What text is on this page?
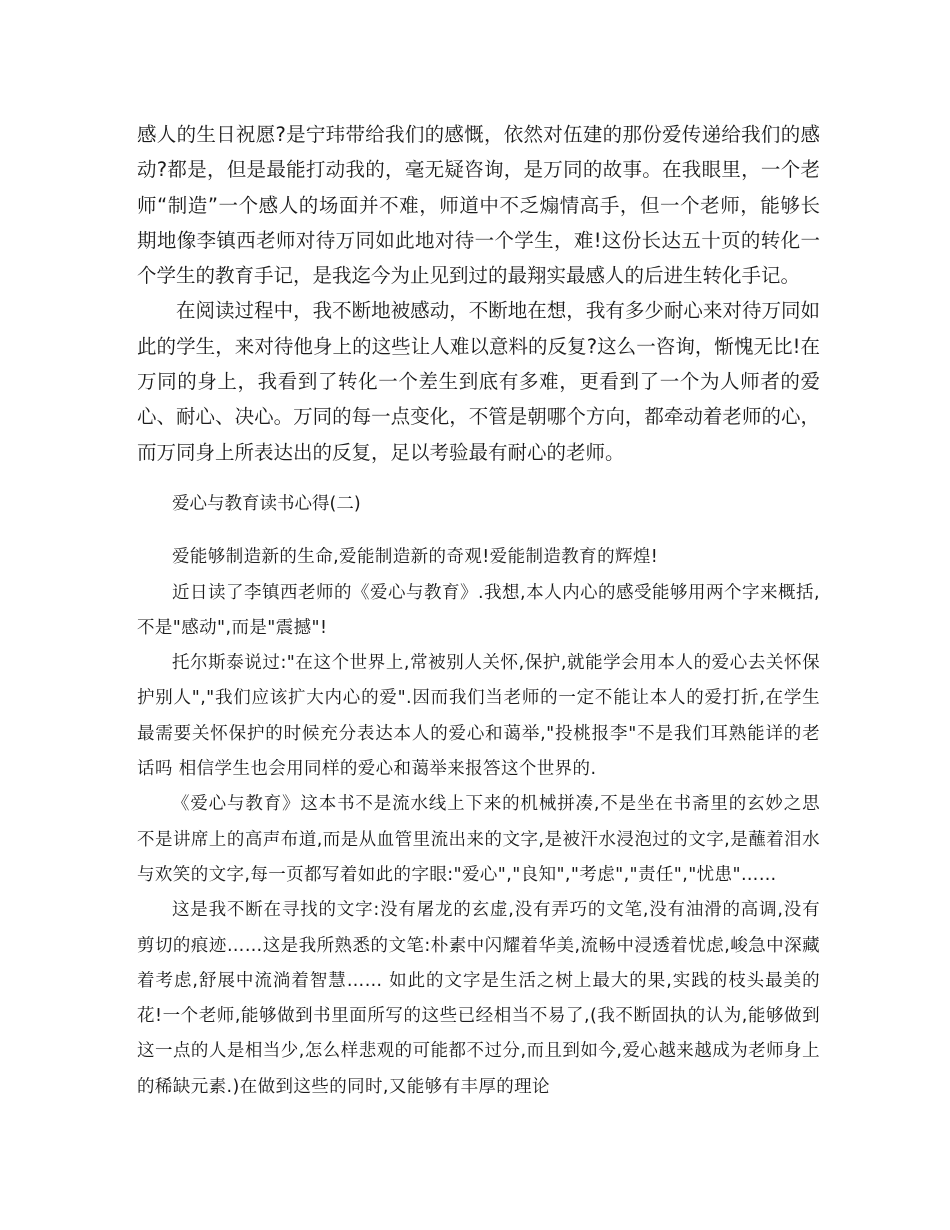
感人的生日祝愿?是宁玮带给我们的感慨，依然对伍建的那份爱传递给我们的感动?都是，但是最能打动我的，毫无疑咨询，是万同的故事。在我眼里，一个老师“制造”一个感人的场面并不难，师道中不乏煽情高手，但一个老师，能够长期地像李镇西老师对待万同如此地对待一个学生，难!这份长达五十页的转化一个学生的教育手记，是我迄今为止见到过的最翔实最感人的后进生转化手记。

在阅读过程中，我不断地被感动，不断地在想，我有多少耐心来对待万同如此的学生，来对待他身上的这些让人难以意料的反复?这么一咨询，惭愧无比!在万同的身上，我看到了转化一个差生到底有多难，更看到了一个为人师者的爱心、耐心、决心。万同的每一点变化，不管是朝哪个方向，都牵动着老师的心，而万同身上所表达出的反复，足以考验最有耐心的老师。

爱心与教育读书心得(二)

爱能够制造新的生命,爱能制造新的奇观!爱能制造教育的辉煌!

近日读了李镇西老师的《爱心与教育》.我想,本人内心的感受能够用两个字来概括,不是"感动",而是"震撼"!

托尔斯泰说过:"在这个世界上,常被别人关怀,保护,就能学会用本人的爱心去关怀保护别人","我们应该扩大内心的爱".因而我们当老师的一定不能让本人的爱打折,在学生最需要关怀保护的时候充分表达本人的爱心和蔼举,"投桃报李"不是我们耳熟能详的老话吗 相信学生也会用同样的爱心和蔼举来报答这个世界的.

《爱心与教育》这本书不是流水线上下来的机械拼凑,不是坐在书斋里的玄妙之思不是讲席上的高声布道,而是从血管里流出来的文字,是被汗水浸泡过的文字,是蘸着泪水与欢笑的文字,每一页都写着如此的字眼:"爱心","良知","考虑","责任","忧患"……

这是我不断在寻找的文字:没有屠龙的玄虚,没有弄巧的文笔,没有油滑的高调,没有剪切的痕迹……这是我所熟悉的文笔:朴素中闪耀着华美,流畅中浸透着忧虑,峻急中深藏着考虑,舒展中流淌着智慧…… 如此的文字是生活之树上最大的果,实践的枝头最美的花!一个老师,能够做到书里面所写的这些已经相当不易了,(我不断固执的认为,能够做到这一点的人是相当少,怎么样悲观的可能都不过分,而且到如今,爱心越来越成为老师身上的稀缺元素.)在做到这些的同时,又能够有丰厚的理论
